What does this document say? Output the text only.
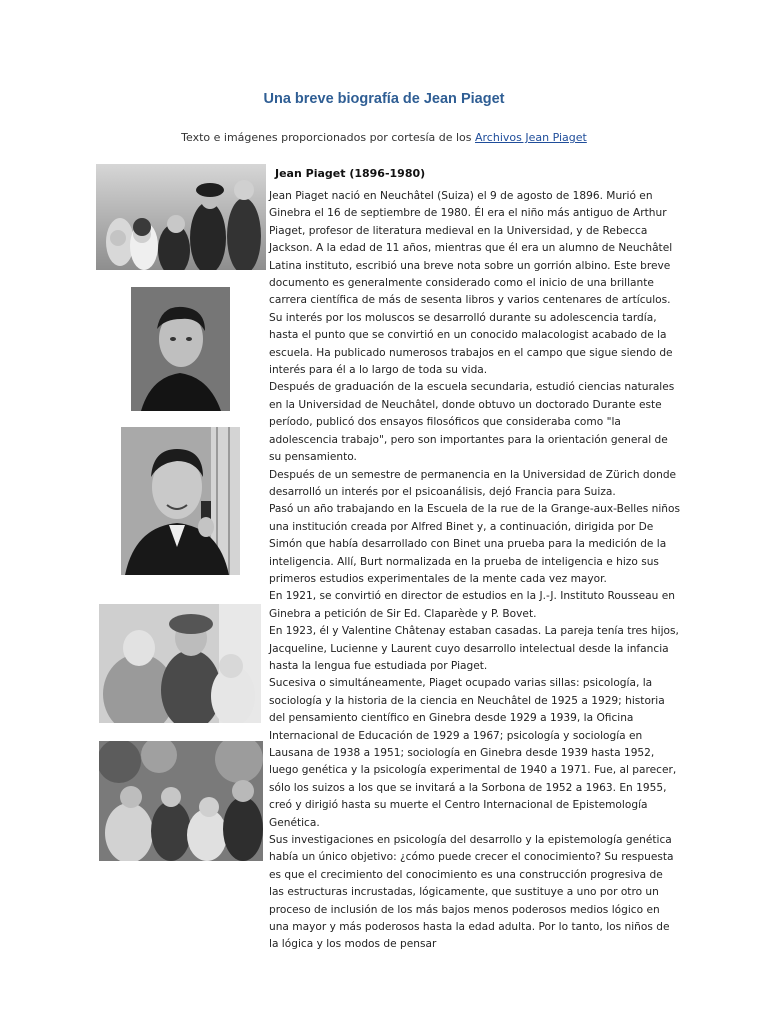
Una breve biografía de Jean Piaget
Texto e imágenes proporcionados por cortesía de los Archivos Jean Piaget
Jean Piaget (1896-1980)

Jean Piaget nació en Neuchâtel (Suiza) el 9 de agosto de 1896. Murió en Ginebra el 16 de septiembre de 1980. Él era el niño más antiguo de Arthur Piaget, profesor de literatura medieval en la Universidad, y de Rebecca Jackson. A la edad de 11 años, mientras que él era un alumno de Neuchâtel Latina instituto, escribió una breve nota sobre un gorrión albino. Este breve documento es generalmente considerado como el inicio de una brillante carrera científica de más de sesenta libros y varios centenares de artículos.

Su interés por los moluscos se desarrolló durante su adolescencia tardía, hasta el punto que se convirtió en un conocido malacologist acabado de la escuela. Ha publicado numerosos trabajos en el campo que sigue siendo de interés para él a lo largo de toda su vida.

Después de graduación de la escuela secundaria, estudió ciencias naturales en la Universidad de Neuchâtel, donde obtuvo un doctorado Durante este período, publicó dos ensayos filosóficos que consideraba como "la adolescencia trabajo", pero son importantes para la orientación general de su pensamiento.

Después de un semestre de permanencia en la Universidad de Zürich donde desarrolló un interés por el psicoanálisis, dejó Francia para Suiza.

Pasó un año trabajando en la Escuela de la rue de la Grange-aux-Belles niños una institución creada por Alfred Binet y, a continuación, dirigida por De Simón que había desarrollado con Binet una prueba para la medición de la inteligencia. Allí, Burt normalizada en la prueba de inteligencia e hizo sus primeros estudios experimentales de la mente cada vez mayor.

En 1921, se convirtió en director de estudios en la J.-J. Instituto Rousseau en Ginebra a petición de Sir Ed. Claparède y P. Bovet.

En 1923, él y Valentine Châtenay estaban casadas. La pareja tenía tres hijos, Jacqueline, Lucienne y Laurent cuyo desarrollo intelectual desde la infancia hasta la lengua fue estudiada por Piaget.

Sucesiva o simultáneamente, Piaget ocupado varias sillas: psicología, la sociología y la historia de la ciencia en Neuchâtel de 1925 a 1929; historia del pensamiento científico en Ginebra desde 1929 a 1939, la Oficina Internacional de Educación de 1929 a 1967; psicología y sociología en Lausana de 1938 a 1951; sociología en Ginebra desde 1939 hasta 1952, luego genética y la psicología experimental de 1940 a 1971. Fue, al parecer, sólo los suizos a los que se invitará a la Sorbona de 1952 a 1963. En 1955, creó y dirigió hasta su muerte el Centro Internacional de Epistemología Genética.

Sus investigaciones en psicología del desarrollo y la epistemología genética había un único objetivo: ¿cómo puede crecer el conocimiento? Su respuesta es que el crecimiento del conocimiento es una construcción progresiva de las estructuras incrustadas, lógicamente, que sustituye a uno por otro un proceso de inclusión de los más bajos menos poderosos medios lógico en una mayor y más poderosos hasta la edad adulta. Por lo tanto, los niños de la lógica y los modos de pensar
